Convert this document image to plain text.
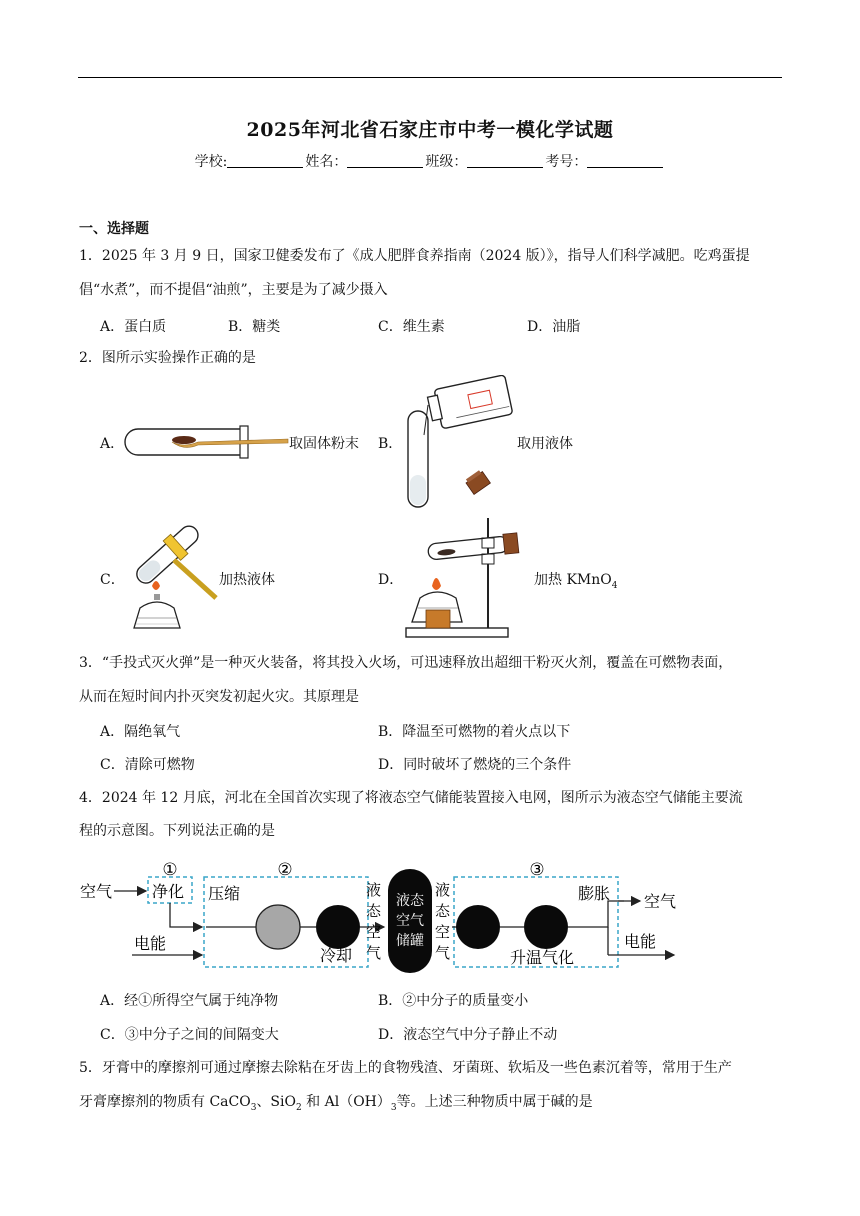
2025年河北省石家庄市中考一模化学试题
学校:	姓名：	班级：	考号：
一、选择题
1．2025 年 3 月 9 日，国家卫健委发布了《成人肥胖食养指南（2024 版）》，指导人们科学减肥。吃鸡蛋提
倡“水煮”，而不提倡“油煎”，主要是为了减少摄入
A．蛋白质	B．糖类	C．维生素	D．油脂
2．图所示实验操作正确的是
A．	取固体粉末 B．	取用液体
C．	加热液体	D．	加热 KMnO$_4$
3．“手投式灭火弹”是一种灭火装备，将其投入火场，可迅速释放出超细干粉灭火剂，覆盖在可燃物表面，
从而在短时间内扑灭突发初起火灾。其原理是
A．隔绝氧气	B．降温至可燃物的着火点以下
C．清除可燃物	D．同时破坏了燃烧的三个条件
4．2024 年 12 月底，河北在全国首次实现了将液态空气储能装置接入电网，图所示为液态空气储能主要流
程的示意图。下列说法正确的是
①	②	③
空气 净化
电能
压缩
冷却
液
态
空
气
液态
空气
储罐
液
态
空
气
膨胀
升温气化
空气
电能
A．经①所得空气属于纯净物	B．②中分子的质量变小
C．③中分子之间的间隔变大	D．液态空气中分子静止不动
5．牙膏中的摩擦剂可通过摩擦去除粘在牙齿上的食物残渣、牙菌斑、软垢及一些色素沉着等，常用于生产
牙膏摩擦剂的物质有 CaCO$_3$、SiO$_2$ 和 $Al(OH)_3$等。上述三种物质中属于碱的是
